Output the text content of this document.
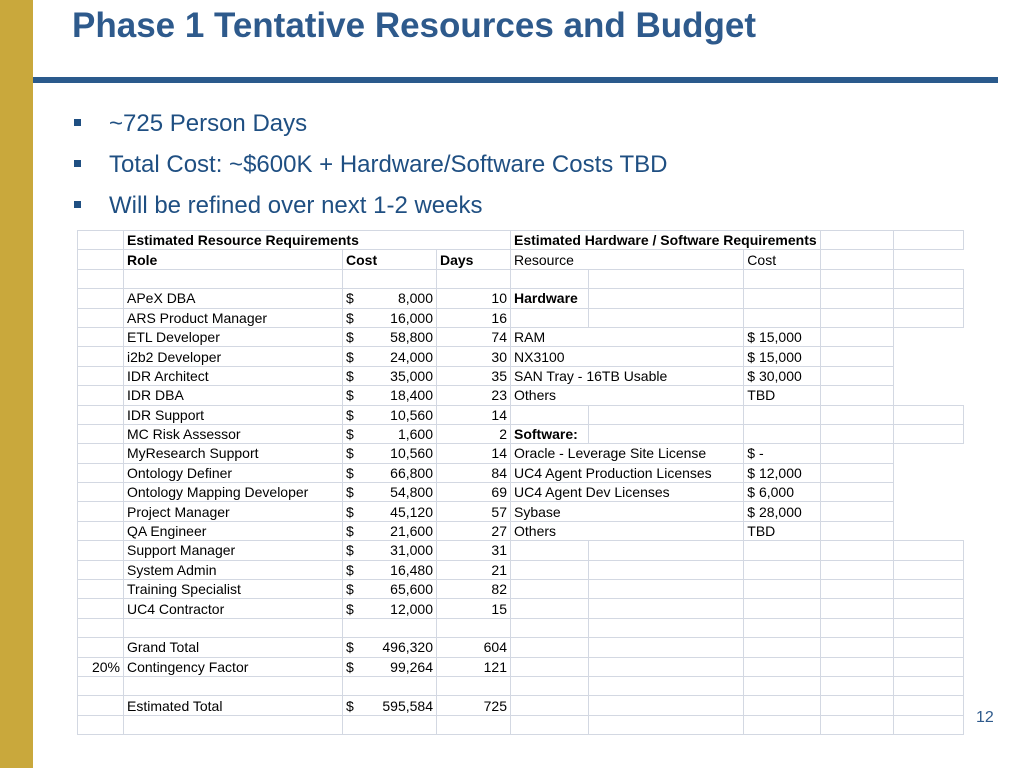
Phase 1 Tentative Resources and Budget
~725 Person Days
Total Cost: ~$600K + Hardware/Software Costs TBD
Will be refined over next 1-2 weeks
	Estimated Resource Requirements			Estimated Hardware / Software Requirements				
	Role	Cost	Days	Resource		Cost		

	APeX DBA	$ 8,000	10	Hardware				
	ARS Product Manager	$ 16,000	16					
	ETL Developer	$ 58,800	74	RAM		$ 15,000		
	i2b2 Developer	$ 24,000	30	NX3100		$ 15,000		
	IDR Architect	$ 35,000	35	SAN Tray - 16TB Usable		$ 30,000		
	IDR DBA	$ 18,400	23	Others		TBD		
	IDR Support	$ 10,560	14					
	MC Risk Assessor	$ 1,600	2	Software:				
	MyResearch Support	$ 10,560	14	Oracle - Leverage Site License		$ -		
	Ontology Definer	$ 66,800	84	UC4 Agent Production Licenses		$ 12,000		
	Ontology Mapping Developer	$ 54,800	69	UC4 Agent Dev Licenses		$ 6,000		
	Project Manager	$ 45,120	57	Sybase		$ 28,000		
	QA Engineer	$ 21,600	27	Others		TBD		
	Support Manager	$ 31,000	31					
	System Admin	$ 16,480	21					
	Training Specialist	$ 65,600	82					
	UC4 Contractor	$ 12,000	15					

	Grand Total	$ 496,320	604					
20%	Contingency Factor	$ 99,264	121					

	Estimated Total	$ 595,584	725					

12
